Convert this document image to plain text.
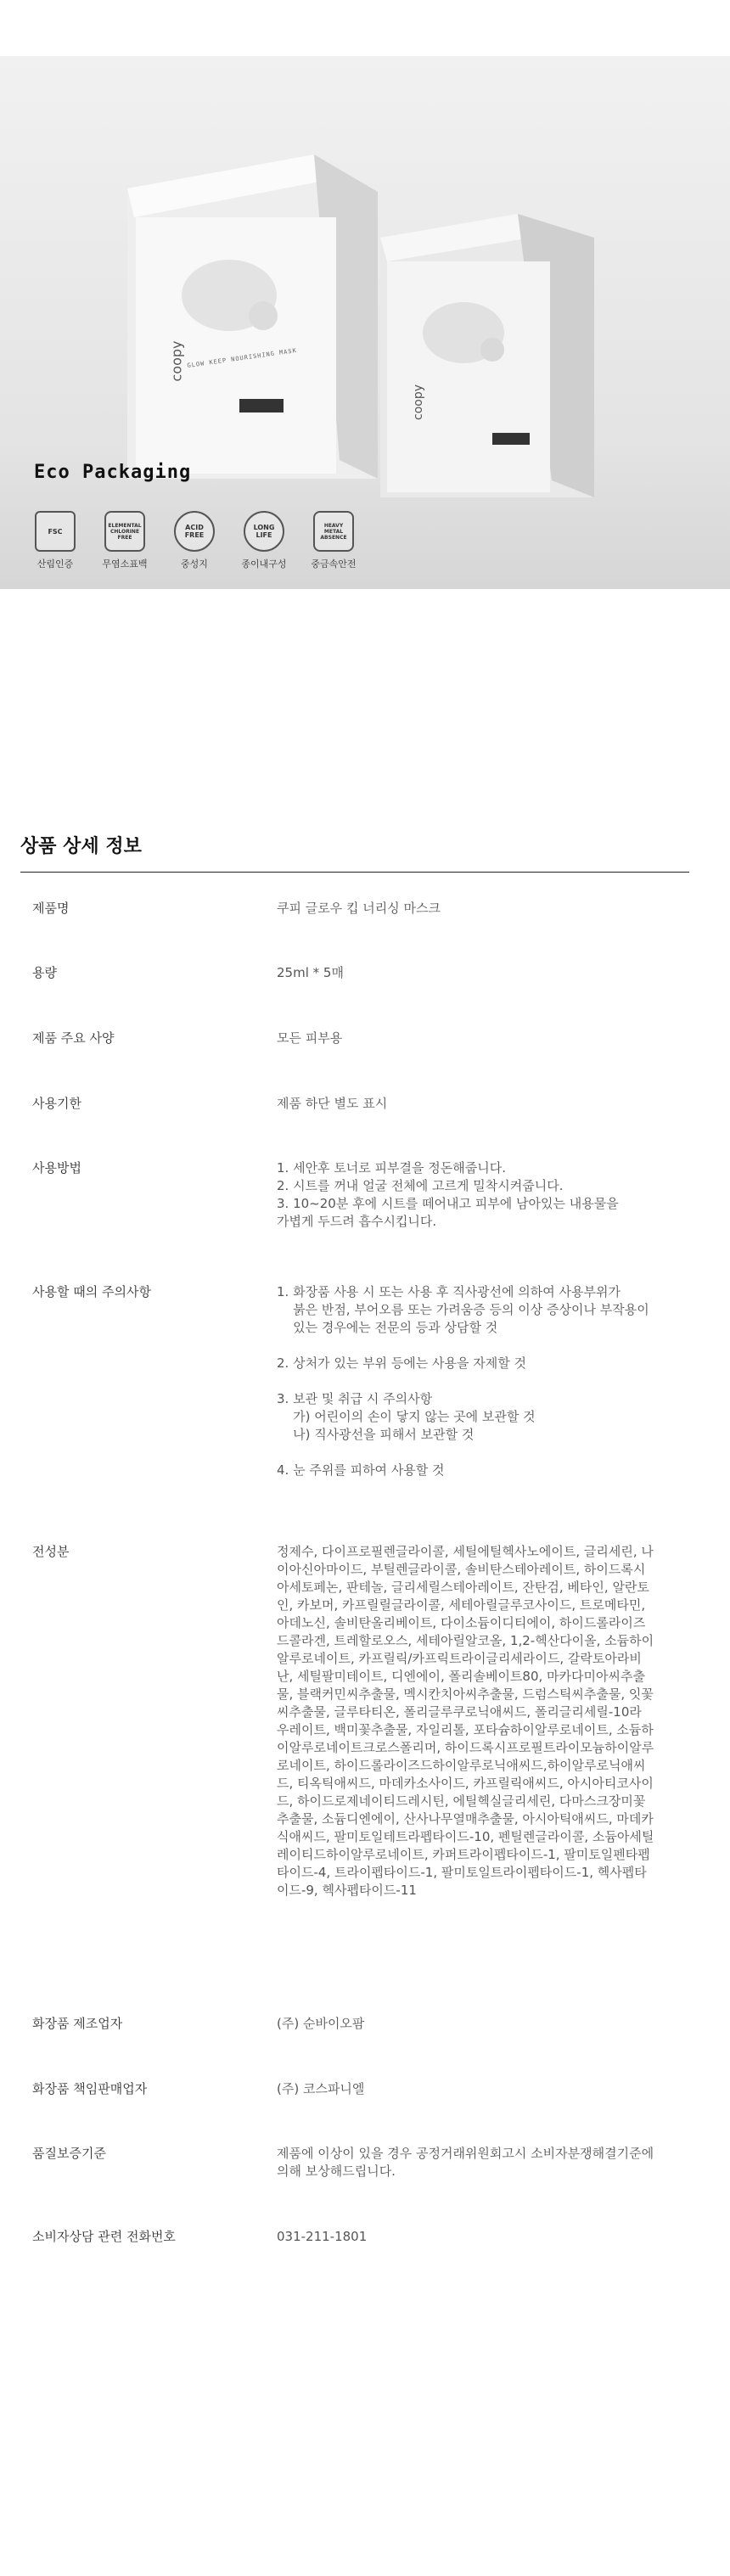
coopy GLOW KEEP NOURISHING MASK
coopy
Eco Packaging
FSC
산림인증
ELEMENTAL CHLORINE FREE
무염소표백
ACID FREE
중성지
LONG LIFE
종이내구성
HEAVY METAL ABSENCE
중금속안전
상품 상세 정보
제품명	쿠피 글로우 킵 너리싱 마스크
용량	25ml * 5매
제품 주요 사양	모든 피부용
사용기한	제품 하단 별도 표시
사용방법	1. 세안후 토너로 피부결을 정돈해줍니다.
2. 시트를 꺼내 얼굴 전체에 고르게 밀착시켜줍니다.
3. 10~20분 후에 시트를 떼어내고 피부에 남아있는 내용물을
가볍게 두드려 흡수시킵니다.
사용할 때의 주의사항	1. 화장품 사용 시 또는 사용 후 직사광선에 의하여 사용부위가
붉은 반점, 부어오름 또는 가려움증 등의 이상 증상이나 부작용이
있는 경우에는 전문의 등과 상담할 것

2. 상처가 있는 부위 등에는 사용을 자제할 것

3. 보관 및 취급 시 주의사항
가) 어린이의 손이 닿지 않는 곳에 보관할 것
나) 직사광선을 피해서 보관할 것

4. 눈 주위를 피하여 사용할 것
전성분	정제수, 다이프로필렌글라이콜, 세틸에틸헥사노에이트, 글리세린, 나
이아신아마이드, 부틸렌글라이콜, 솔비탄스테아레이트, 하이드록시
아세토페논, 판테놀, 글리세릴스테아레이트, 잔탄검, 베타인, 알란토
인, 카보머, 카프릴릴글라이콜, 세테아릴글루코사이드, 트로메타민,
아데노신, 솔비탄올리베이트, 다이소듐이디티에이, 하이드롤라이즈
드콜라겐, 트레할로오스, 세테아릴알코올, 1,2-헥산다이올, 소듐하이
알루로네이트, 카프릴릭/카프릭트라이글리세라이드, 갈락토아라비
난, 세틸팔미테이트, 디엔에이, 폴리솔베이트80, 마카다미아씨추출
물, 블랙커민씨추출물, 멕시칸치아씨추출물, 드럼스틱씨추출물, 잇꽃
씨추출물, 글루타티온, 폴리글루쿠로닉애씨드, 폴리글리세릴-10라
우레이트, 백미꽃추출물, 자일리톨, 포타슘하이알루로네이트, 소듐하
이알루로네이트크로스폴리머, 하이드록시프로필트라이모늄하이알루
로네이트, 하이드롤라이즈드하이알루로닉애씨드,하이알루로닉애씨
드, 티옥틱애씨드, 마데카소사이드, 카프릴릭애씨드, 아시아티코사이
드, 하이드로제네이티드레시틴, 에틸헥실글리세린, 다마스크장미꽃
추출물, 소듐디엔에이, 산사나무열매추출물, 아시아틱애씨드, 마데카
식애씨드, 팔미토일테트라펩타이드-10, 펜틸렌글라이콜, 소듐아세틸
레이티드하이알루로네이트, 카퍼트라이펩타이드-1, 팔미토일펜타펩
타이드-4, 트라이펩타이드-1, 팔미토일트라이펩타이드-1, 헥사펩타
이드-9, 헥사펩타이드-11
화장품 제조업자	(주) 순바이오팜
화장품 책임판매업자	(주) 코스파니엘
품질보증기준	제품에 이상이 있을 경우 공정거래위원회고시 소비자분쟁해결기준에
의해 보상해드립니다.
소비자상담 관련 전화번호	031-211-1801
